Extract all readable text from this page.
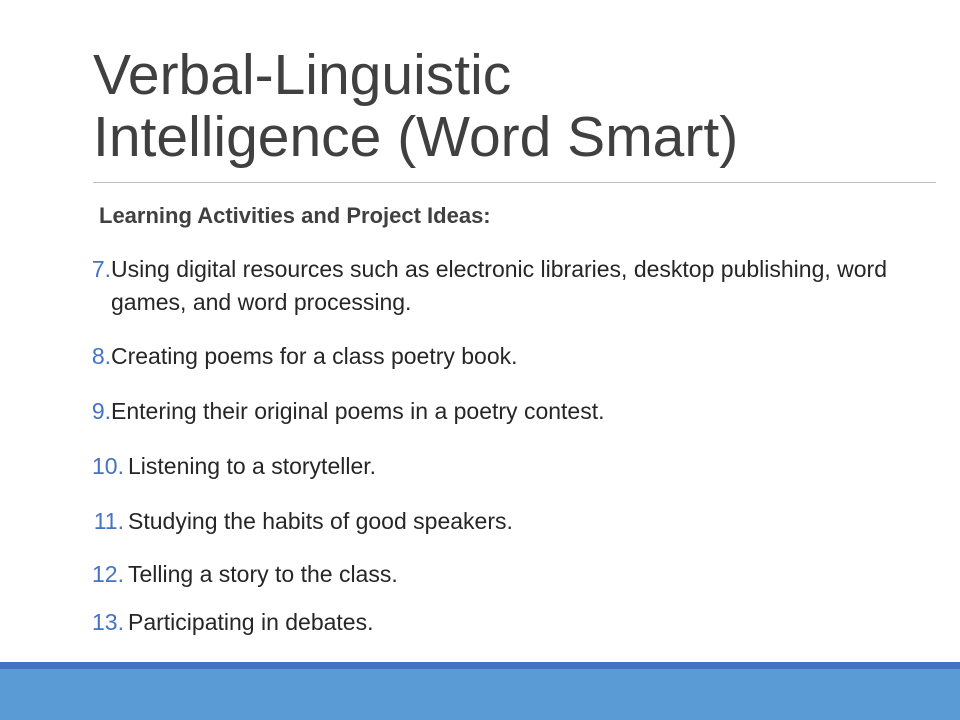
Verbal-Linguistic
Intelligence (Word Smart)
Learning Activities and Project Ideas:
7. Using digital resources such as electronic libraries, desktop publishing, word games, and word processing.
8. Creating poems for a class poetry book.
9. Entering their original poems in a poetry contest.
10. Listening to a storyteller.
11. Studying the habits of good speakers.
12. Telling a story to the class.
13. Participating in debates.
